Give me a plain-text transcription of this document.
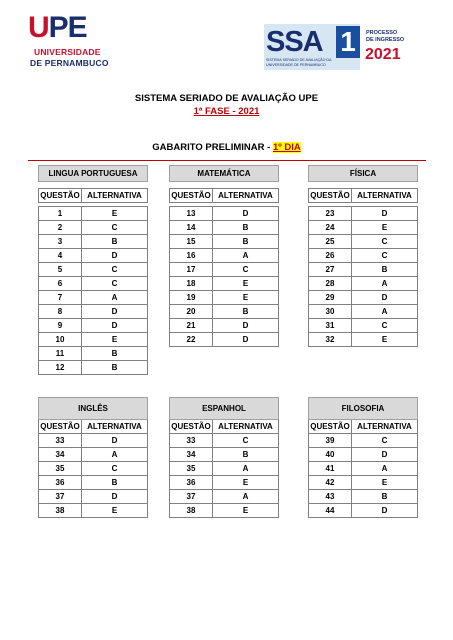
UPE
UNIVERSIDADE
DE PERNAMBUCO
SSA 1
SISTEMA SERIADO DE AVALIAÇÃO DA
UNIVERSIDADE DE PERNAMBUCO
PROCESSO
DE INGRESSO
2021
SISTEMA SERIADO DE AVALIAÇÃO UPE
1ª FASE - 2021
GABARITO PRELIMINAR - 1º DIA
LINGUA PORTUGUESA	

QUESTÃO	ALTERNATIVA

1	E
2	C
3	B
4	D
5	C
6	C
7	A
8	D
9	D
10	E
11	B
12	B
MATEMÁTICA	

QUESTÃO	ALTERNATIVA

13	D
14	B
15	B
16	A
17	C
18	E
19	E
20	B
21	D
22	D
FÍSICA	

QUESTÃO	ALTERNATIVA

23	D
24	E
25	C
26	C
27	B
28	A
29	D
30	A
31	C
32	E
INGLÊS	
QUESTÃO	ALTERNATIVA
33	D
34	A
35	C
36	B
37	D
38	E
ESPANHOL	
QUESTÃO	ALTERNATIVA
33	C
34	B
35	A
36	E
37	A
38	E
FILOSOFIA	
QUESTÃO	ALTERNATIVA
39	C
40	D
41	A
42	E
43	B
44	D
